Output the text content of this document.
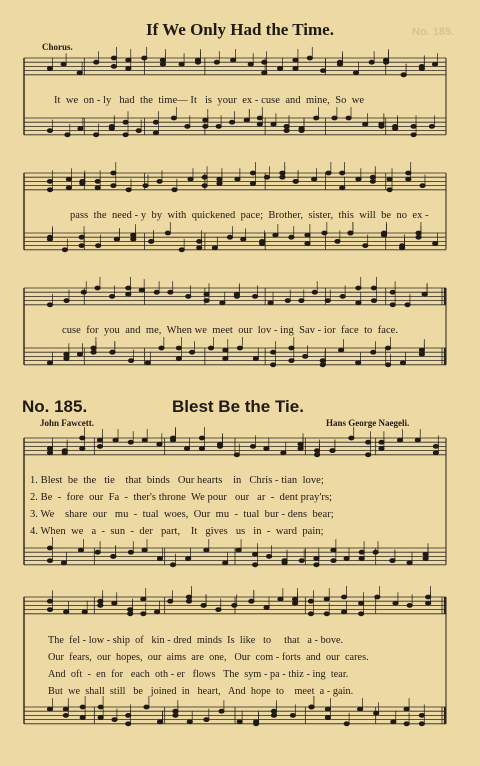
If We Only Had the Time.	No. 185.
Chorus.
It  we  on - ly   had  the  time— It   is  your  ex - cuse  and  mine,  So  we
pass  the  need - y  by  with  quickened  pace;  Brother,  sister,  this  will  be  no  ex -
cuse  for  you  and  me,  When we  meet  our  lov - ing  Sav - ior  face  to  face.
No. 185.	Blest Be the Tie.
John Fawcett.	Hans George Naegeli.
1. Blest  be  the   tie    that  binds   Our hearts    in   Chris - tian  love;
2. Be  -  fore  our  Fa  -  ther's throne  We pour   our   ar  -  dent pray'rs;
3. We    share  our   mu  -  tual  woes,  Our  mu  -  tual  bur - dens  bear;
4. When  we   a  -  sun  -  der   part,    It   gives   us   in  -  ward  pain;
The  fel - low - ship  of   kin - dred  minds  Is  like   to     that   a - bove.
Our  fears,  our  hopes,  our  aims  are  one,   Our  com - forts  and  our  cares.
And  oft  -  en  for   each  oth - er   flows   The  sym - pa - thiz - ing  tear.
But  we  shall  still   be   joined  in   heart,   And  hope  to    meet  a - gain.
